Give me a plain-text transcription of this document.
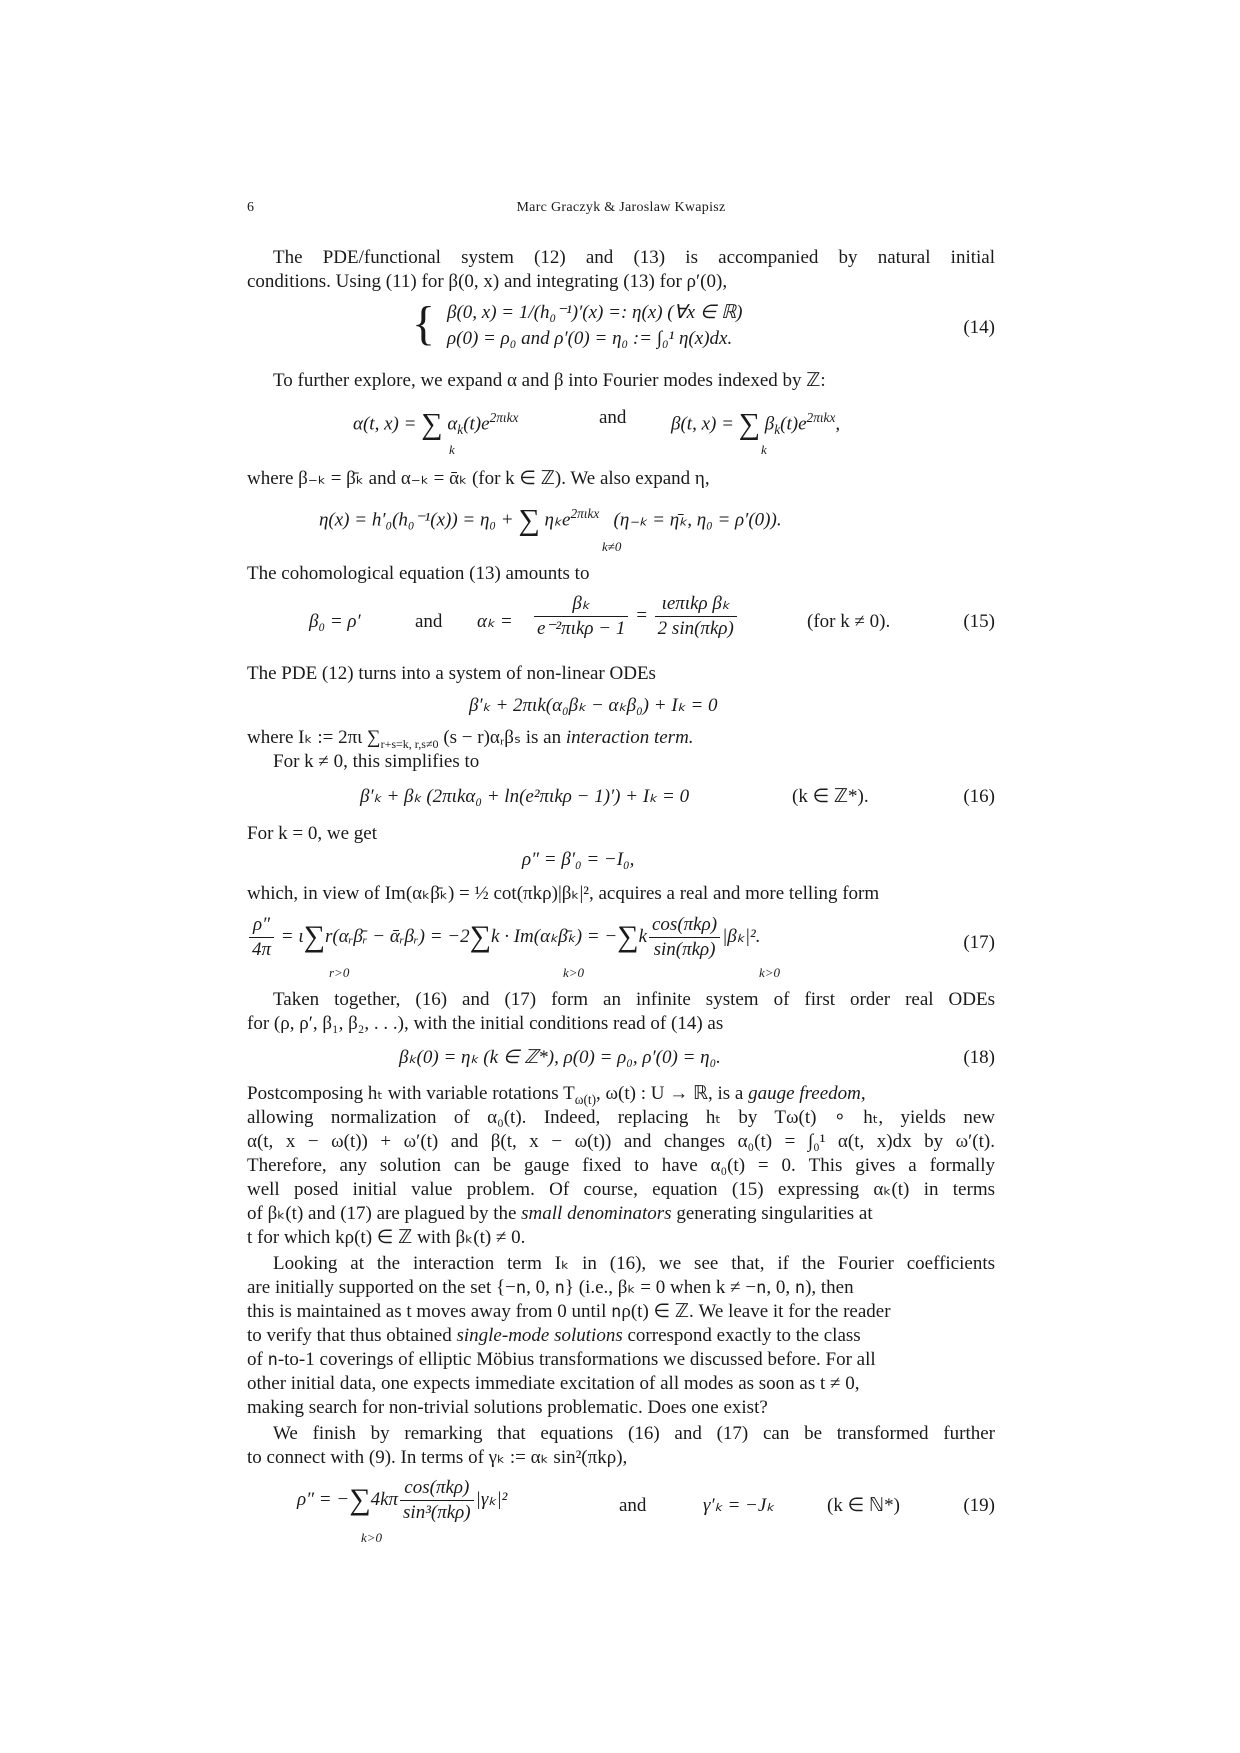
6	Marc Graczyk & Jaroslaw Kwapisz
The PDE/functional system (12) and (13) is accompanied by natural initial
conditions. Using (11) for β(0, x) and integrating (13) for ρ′(0),
{ β(0, x) = 1/(h₀⁻¹)′(x) =: η(x) (∀x ∈ ℝ)
ρ(0) = ρ₀ and ρ′(0) = η₀ := ∫₀¹ η(x)dx.
(14)
To further explore, we expand α and β into Fourier modes indexed by ℤ:
α(t, x) = ∑ $\alpha_k(t)e^{2\pi\iota kx}$
k
and β(t, x) = ∑ $\beta_k(t)e^{2\pi\iota kx}$,
k
where β₋ₖ = β̄ₖ and α₋ₖ = ᾱₖ (for k ∈ ℤ). We also expand η,
η(x) = h′₀(h₀⁻¹(x)) = η₀ + ∑ ηₖe$^{2\pi\iota kx}$ (η₋ₖ = η̄ₖ, η₀ = ρ′(0)).
k≠0
The cohomological equation (13) amounts to
β₀ = ρ′	and $\alpha_k = \frac{\text{βₖ}}{\text{e⁻²πιkρ − 1}} = \frac{\text{ιeπιkρ βₖ}}{\text{2 sin(πkρ)}}$	(for k ≠ 0).	(15)
The PDE (12) turns into a system of non-linear ODEs
β′ₖ + 2πιk(α₀βₖ − αₖβ₀) + Iₖ = 0
where Iₖ := 2πι $\sum_{r+s=k, r,s\ne 0}$ (s − r)αᵣβₛ is an interaction term.
For k ≠ 0, this simplifies to
β′ₖ + βₖ (2πιkα₀ + ln(e²πιkρ − 1)′) + Iₖ = 0	(k ∈ ℤ*).	(16)
For k = 0, we get
ρ″ = β′₀ = −I₀,
which, in view of Im(αₖβ̄ₖ) = ½ cot(πkρ)|βₖ|², acquires a real and more telling form
$\frac{\rho''}{4\pi}$ = ι∑r(αᵣβ̄ᵣ − ᾱᵣβᵣ) = −2∑k · Im(αₖβ̄ₖ) = $-\sum k \frac{\text{cos(πkρ)}}{\text{sin(πkρ)}} |\beta_k|^2$.
r>0	k>0	k>0
(17)
Taken together, (16) and (17) form an infinite system of first order real ODEs
for (ρ, ρ′, β₁, β₂, . . .), with the initial conditions read of (14) as
βₖ(0) = ηₖ (k ∈ ℤ*), ρ(0) = ρ₀, ρ′(0) = η₀.	(18)
Postcomposing hₜ with variable rotations $T_{\omega(t)}$, ω(t) : U → ℝ, is a gauge freedom,
allowing normalization of α₀(t). Indeed, replacing hₜ by Tω(t) ∘ hₜ, yields new
α(t, x − ω(t)) + ω′(t) and β(t, x − ω(t)) and changes α₀(t) = ∫₀¹ α(t, x)dx by ω′(t).
Therefore, any solution can be gauge fixed to have α₀(t) = 0. This gives a formally
well posed initial value problem. Of course, equation (15) expressing αₖ(t) in terms
of βₖ(t) and (17) are plagued by the small denominators generating singularities at
t for which kρ(t) ∈ ℤ with βₖ(t) ≠ 0.
Looking at the interaction term Iₖ in (16), we see that, if the Fourier coefficients
are initially supported on the set {−n, 0, n} (i.e., βₖ = 0 when k ≠ −n, 0, n), then
this is maintained as t moves away from 0 until nρ(t) ∈ ℤ. We leave it for the reader
to verify that thus obtained single-mode solutions correspond exactly to the class
of n-to-1 coverings of elliptic Möbius transformations we discussed before. For all
other initial data, one expects immediate excitation of all modes as soon as t ≠ 0,
making search for non-trivial solutions problematic. Does one exist?
We finish by remarking that equations (16) and (17) can be transformed further
to connect with (9). In terms of γₖ := αₖ sin²(πkρ),
$\rho'' = -\sum 4k\pi \frac{\text{cos(πkρ)}}{\text{sin³(πkρ)}} |\gamma_k|^2$
k>0
and	γ′ₖ = −Jₖ	(k ∈ ℕ*)	(19)
